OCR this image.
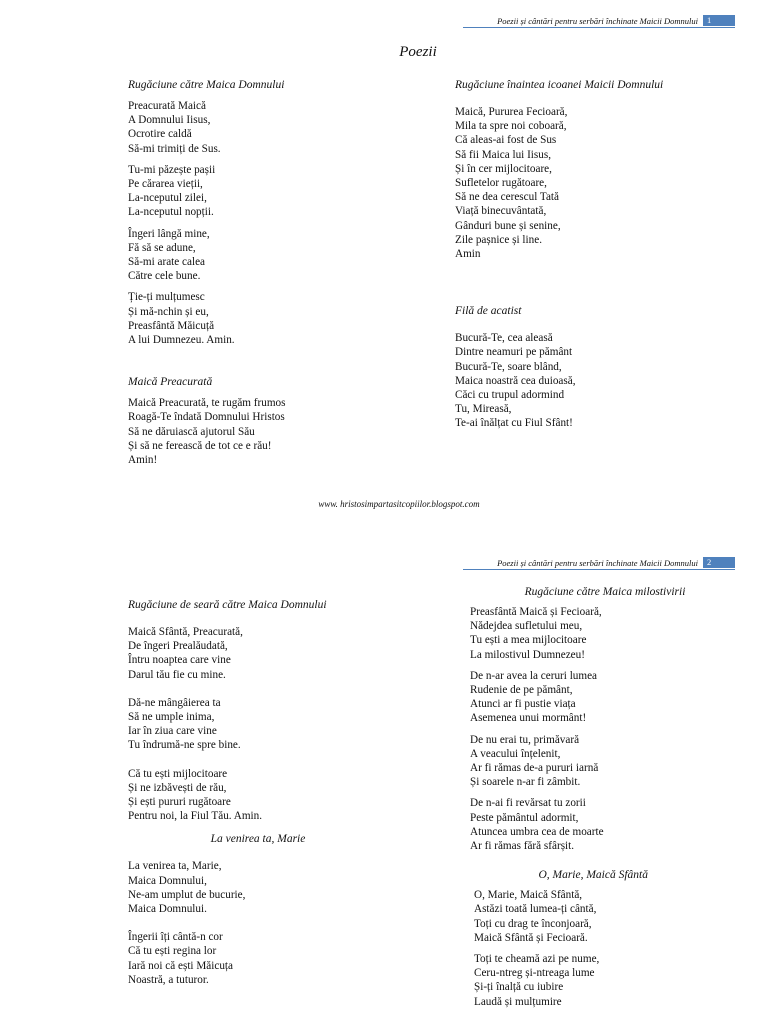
Poezii și cântări pentru serbări închinate Maicii Domnului	1
Poezii
Rugăciune către Maica Domnului
Preacurată Maică
A Domnului Iisus,
Ocrotire caldă
Să-mi trimiți de Sus.
Tu-mi păzește pașii
Pe cărarea vieții,
La-nceputul zilei,
La-nceputul nopții.
Îngeri lângă mine,
Fă să se adune,
Să-mi arate calea
Către cele bune.
Ție-ți mulțumesc
Și mă-nchin și eu,
Preasfântă Măicuță
A lui Dumnezeu. Amin.
Maică Preacurată
Maică Preacurată, te rugăm frumos
Roagă-Te îndată Domnului Hristos
Să ne dăruiască ajutorul Său
Și să ne ferească de tot ce e rău!
Amin!
Rugăciune înaintea icoanei Maicii Domnului
Maică, Pururea Fecioară,
Mila ta spre noi coboară,
Că aleas-ai fost de Sus
Să fii Maica lui Iisus,
Și în cer mijlocitoare,
Sufletelor rugătoare,
Să ne dea cerescul Tată
Viață binecuvântată,
Gânduri bune și senine,
Zile pașnice și line.
Amin
Filă de acatist
Bucură-Te, cea aleasă
Dintre neamuri pe pământ
Bucură-Te, soare blând,
Maica noastră cea duioasă,
Căci cu trupul adormind
Tu, Mireasă,
Te-ai înălțat cu Fiul Sfânt!
www. hristosimpartasitcopiilor.blogspot.com
Poezii și cântări pentru serbări închinate Maicii Domnului	2
Rugăciune de seară către Maica Domnului
Maică Sfântă, Preacurată,
De îngeri Prealăudată,
Întru noaptea care vine
Darul tău fie cu mine.
Dă-ne mângâierea ta
Să ne umple inima,
Iar în ziua care vine
Tu îndrumă-ne spre bine.
Că tu ești mijlocitoare
Și ne izbăvești de rău,
Și ești pururi rugătoare
Pentru noi, la Fiul Tău. Amin.
La venirea ta, Marie
La venirea ta, Marie,
Maica Domnului,
Ne-am umplut de bucurie,
Maica Domnului.
Îngerii îți cântă-n cor
Că tu ești regina lor
Iară noi că ești Măicuța
Noastră, a tuturor.
Rugăciune către Maica milostivirii
Preasfântă Maică și Fecioară,
Nădejdea sufletului meu,
Tu ești a mea mijlocitoare
La milostivul Dumnezeu!
De n-ar avea la ceruri lumea
Rudenie de pe pământ,
Atunci ar fi pustie viața
Asemenea unui mormânt!
De nu erai tu, primăvară
A veacului înțelenit,
Ar fi rămas de-a pururi iarnă
Și soarele n-ar fi zâmbit.
De n-ai fi revărsat tu zorii
Peste pământul adormit,
Atuncea umbra cea de moarte
Ar fi rămas fără sfârșit.
O, Marie, Maică Sfântă
O, Marie, Maică Sfântă,
Astăzi toată lumea-ți cântă,
Toți cu drag te înconjoară,
Maică Sfântă și Fecioară.
Toți te cheamă azi pe nume,
Ceru-ntreg și-ntreaga lume
Și-ți înalță cu iubire
Laudă și mulțumire
